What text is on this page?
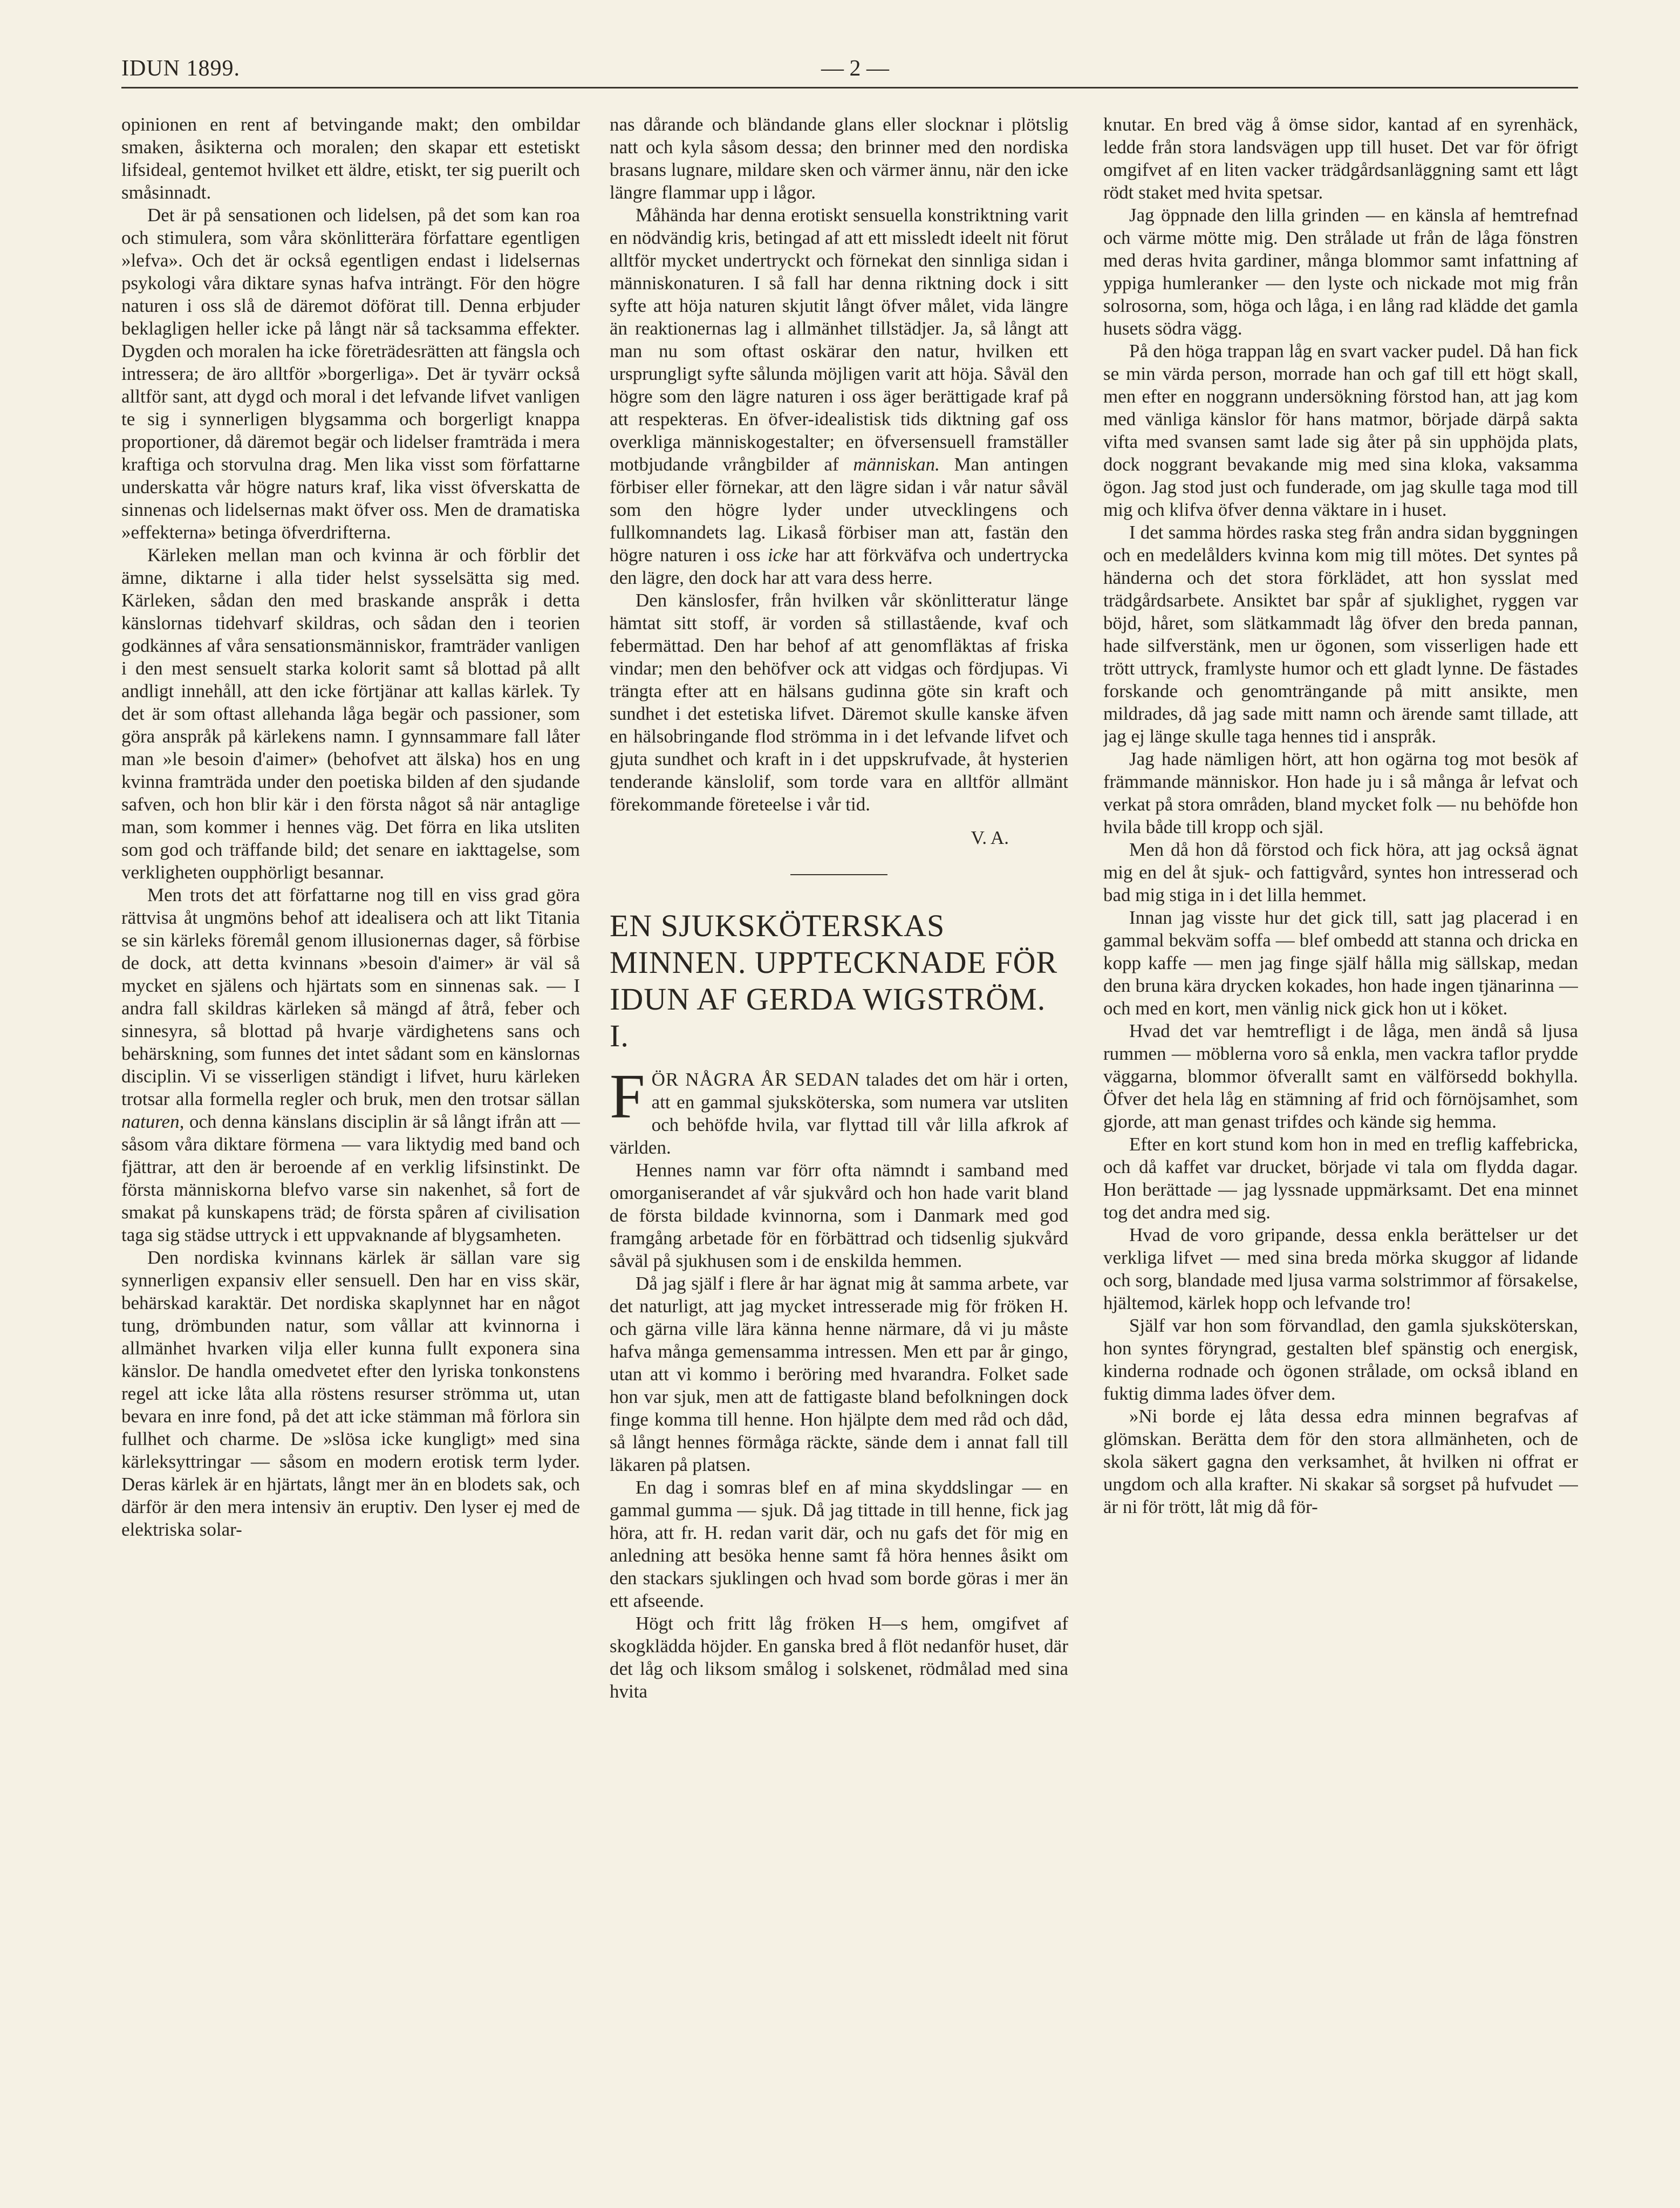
IDUN 1899.	— 2 —

opinionen en rent af betvingande makt; den ombildar smaken, åsikterna och moralen; den skapar ett estetiskt lifsideal, gentemot hvilket ett äldre, etiskt, ter sig puerilt och småsinnadt.

Det är på sensationen och lidelsen, på det som kan roa och stimulera, som våra skönlitterära författare egentligen »lefva». Och det är också egentligen endast i lidelsernas psykologi våra diktare synas hafva inträngt. För den högre naturen i oss slå de däremot döförat till. Denna erbjuder beklagligen heller icke på långt när så tacksamma effekter. Dygden och moralen ha icke företrädesrätten att fängsla och intressera; de äro alltför »borgerliga». Det är tyvärr också alltför sant, att dygd och moral i det lefvande lifvet vanligen te sig i synnerligen blygsamma och borgerligt knappa proportioner, då däremot begär och lidelser framträda i mera kraftiga och storvulna drag. Men lika visst som författarne underskatta vår högre naturs kraf, lika visst öfverskatta de sinnenas och lidelsernas makt öfver oss. Men de dramatiska »effekterna» betinga öfverdrifterna.

Kärleken mellan man och kvinna är och förblir det ämne, diktarne i alla tider helst sysselsätta sig med. Kärleken, sådan den med braskande anspråk i detta känslornas tidehvarf skildras, och sådan den i teorien godkännes af våra sensationsmänniskor, framträder vanligen i den mest sensuelt starka kolorit samt så blottad på allt andligt innehåll, att den icke förtjänar att kallas kärlek. Ty det är som oftast allehanda låga begär och passioner, som göra anspråk på kärlekens namn. I gynnsammare fall låter man »le besoin d'aimer» (behofvet att älska) hos en ung kvinna framträda under den poetiska bilden af den sjudande safven, och hon blir kär i den första något så när antaglige man, som kommer i hennes väg. Det förra en lika utsliten som god och träffande bild; det senare en iakttagelse, som verkligheten oupphörligt besannar.

Men trots det att författarne nog till en viss grad göra rättvisa åt ungmöns behof att idealisera och att likt Titania se sin kärleks föremål genom illusionernas dager, så förbise de dock, att detta kvinnans »besoin d'aimer» är väl så mycket en själens och hjärtats som en sinnenas sak. — I andra fall skildras kärleken så mängd af åtrå, feber och sinnesyra, så blottad på hvarje värdighetens sans och behärskning, som funnes det intet sådant som en känslornas disciplin. Vi se visserligen ständigt i lifvet, huru kärleken trotsar alla formella regler och bruk, men den trotsar sällan naturen, och denna känslans disciplin är så långt ifrån att — såsom våra diktare förmena — vara liktydig med band och fjättrar, att den är beroende af en verklig lifsinstinkt. De första människorna blefvo varse sin nakenhet, så fort de smakat på kunskapens träd; de första spåren af civilisation taga sig städse uttryck i ett uppvaknande af blygsamheten.

Den nordiska kvinnans kärlek är sällan vare sig synnerligen expansiv eller sensuell. Den har en viss skär, behärskad karaktär. Det nordiska skaplynnet har en något tung, drömbunden natur, som vållar att kvinnorna i allmänhet hvarken vilja eller kunna fullt exponera sina känslor. De handla omedvetet efter den lyriska tonkonstens regel att icke låta alla röstens resurser strömma ut, utan bevara en inre fond, på det att icke stämman må förlora sin fullhet och charme. De »slösa icke kungligt» med sina kärleksyttringar — såsom en modern erotisk term lyder. Deras kärlek är en hjärtats, långt mer än en blodets sak, och därför är den mera intensiv än eruptiv. Den lyser ej med de elektriska solar-

nas dårande och bländande glans eller slocknar i plötslig natt och kyla såsom dessa; den brinner med den nordiska brasans lugnare, mildare sken och värmer ännu, när den icke längre flammar upp i lågor.

Måhända har denna erotiskt sensuella konstriktning varit en nödvändig kris, betingad af att ett missledt ideelt nit förut alltför mycket undertryckt och förnekat den sinnliga sidan i människonaturen. I så fall har denna riktning dock i sitt syfte att höja naturen skjutit långt öfver målet, vida längre än reaktionernas lag i allmänhet tillstädjer. Ja, så långt att man nu som oftast oskärar den natur, hvilken ett ursprungligt syfte sålunda möjligen varit att höja. Såväl den högre som den lägre naturen i oss äger berättigade kraf på att respekteras. En öfver-idealistisk tids diktning gaf oss overkliga människogestalter; en öfversensuell framställer motbjudande vrångbilder af människan. Man antingen förbiser eller förnekar, att den lägre sidan i vår natur såväl som den högre lyder under utvecklingens och fullkomnandets lag. Likaså förbiser man att, fastän den högre naturen i oss icke har att förkväfva och undertrycka den lägre, den dock har att vara dess herre.

Den känslosfer, från hvilken vår skönlitteratur länge hämtat sitt stoff, är vorden så stillastående, kvaf och febermättad. Den har behof af att genomfläktas af friska vindar; men den behöfver ock att vidgas och fördjupas. Vi trängta efter att en hälsans gudinna göte sin kraft och sundhet i det estetiska lifvet. Däremot skulle kanske äfven en hälsobringande flod strömma in i det lefvande lifvet och gjuta sundhet och kraft in i det uppskrufvade, åt hysterien tenderande känslolif, som torde vara en alltför allmänt förekommande företeelse i vår tid.

V. A.
EN SJUKSKÖTERSKAS MINNEN. UPPTECKNADE FÖR IDUN AF GERDA WIGSTRÖM. I.

FÖR NÅGRA ÅR SEDAN talades det om här i orten, att en gammal sjuksköterska, som numera var utsliten och behöfde hvila, var flyttad till vår lilla afkrok af världen.

Hennes namn var förr ofta nämndt i samband med omorganiserandet af vår sjukvård och hon hade varit bland de första bildade kvinnorna, som i Danmark med god framgång arbetade för en förbättrad och tidsenlig sjukvård såväl på sjukhusen som i de enskilda hemmen.

Då jag själf i flere år har ägnat mig åt samma arbete, var det naturligt, att jag mycket intresserade mig för fröken H. och gärna ville lära känna henne närmare, då vi ju måste hafva många gemensamma intressen. Men ett par år gingo, utan att vi kommo i beröring med hvarandra. Folket sade hon var sjuk, men att de fattigaste bland befolkningen dock finge komma till henne. Hon hjälpte dem med råd och dåd, så långt hennes förmåga räckte, sände dem i annat fall till läkaren på platsen.

En dag i somras blef en af mina skyddslingar — en gammal gumma — sjuk. Då jag tittade in till henne, fick jag höra, att fr. H. redan varit där, och nu gafs det för mig en anledning att besöka henne samt få höra hennes åsikt om den stackars sjuklingen och hvad som borde göras i mer än ett afseende.

Högt och fritt låg fröken H—s hem, omgifvet af skogklädda höjder. En ganska bred å flöt nedanför huset, där det låg och liksom smålog i solskenet, rödmålad med sina hvita

knutar. En bred väg å ömse sidor, kantad af en syrenhäck, ledde från stora landsvägen upp till huset. Det var för öfrigt omgifvet af en liten vacker trädgårdsanläggning samt ett lågt rödt staket med hvita spetsar.

Jag öppnade den lilla grinden — en känsla af hemtrefnad och värme mötte mig. Den strålade ut från de låga fönstren med deras hvita gardiner, många blommor samt infattning af yppiga humleranker — den lyste och nickade mot mig från solrosorna, som, höga och låga, i en lång rad klädde det gamla husets södra vägg.

På den höga trappan låg en svart vacker pudel. Då han fick se min värda person, morrade han och gaf till ett högt skall, men efter en noggrann undersökning förstod han, att jag kom med vänliga känslor för hans matmor, började därpå sakta vifta med svansen samt lade sig åter på sin upphöjda plats, dock noggrant bevakande mig med sina kloka, vaksamma ögon. Jag stod just och funderade, om jag skulle taga mod till mig och klifva öfver denna väktare in i huset.

I det samma hördes raska steg från andra sidan byggningen och en medelålders kvinna kom mig till mötes. Det syntes på händerna och det stora förklädet, att hon sysslat med trädgårdsarbete. Ansiktet bar spår af sjuklighet, ryggen var böjd, håret, som slätkammadt låg öfver den breda pannan, hade silfverstänk, men ur ögonen, som visserligen hade ett trött uttryck, framlyste humor och ett gladt lynne. De fästades forskande och genomträngande på mitt ansikte, men mildrades, då jag sade mitt namn och ärende samt tillade, att jag ej länge skulle taga hennes tid i anspråk.

Jag hade nämligen hört, att hon ogärna tog mot besök af främmande människor. Hon hade ju i så många år lefvat och verkat på stora områden, bland mycket folk — nu behöfde hon hvila både till kropp och själ.

Men då hon då förstod och fick höra, att jag också ägnat mig en del åt sjuk- och fattigvård, syntes hon intresserad och bad mig stiga in i det lilla hemmet.

Innan jag visste hur det gick till, satt jag placerad i en gammal bekväm soffa — blef ombedd att stanna och dricka en kopp kaffe — men jag finge själf hålla mig sällskap, medan den bruna kära drycken kokades, hon hade ingen tjänarinna — och med en kort, men vänlig nick gick hon ut i köket.

Hvad det var hemtrefligt i de låga, men ändå så ljusa rummen — möblerna voro så enkla, men vackra taflor prydde väggarna, blommor öfverallt samt en välförsedd bokhylla. Öfver det hela låg en stämning af frid och förnöjsamhet, som gjorde, att man genast trifdes och kände sig hemma.

Efter en kort stund kom hon in med en treflig kaffebricka, och då kaffet var drucket, började vi tala om flydda dagar. Hon berättade — jag lyssnade uppmärksamt. Det ena minnet tog det andra med sig.

Hvad de voro gripande, dessa enkla berättelser ur det verkliga lifvet — med sina breda mörka skuggor af lidande och sorg, blandade med ljusa varma solstrimmor af försakelse, hjältemod, kärlek hopp och lefvande tro!

Själf var hon som förvandlad, den gamla sjuksköterskan, hon syntes föryngrad, gestalten blef spänstig och energisk, kinderna rodnade och ögonen strålade, om också ibland en fuktig dimma lades öfver dem.

»Ni borde ej låta dessa edra minnen begrafvas af glömskan. Berätta dem för den stora allmänheten, och de skola säkert gagna den verksamhet, åt hvilken ni offrat er ungdom och alla krafter. Ni skakar så sorgset på hufvudet — är ni för trött, låt mig då för-
